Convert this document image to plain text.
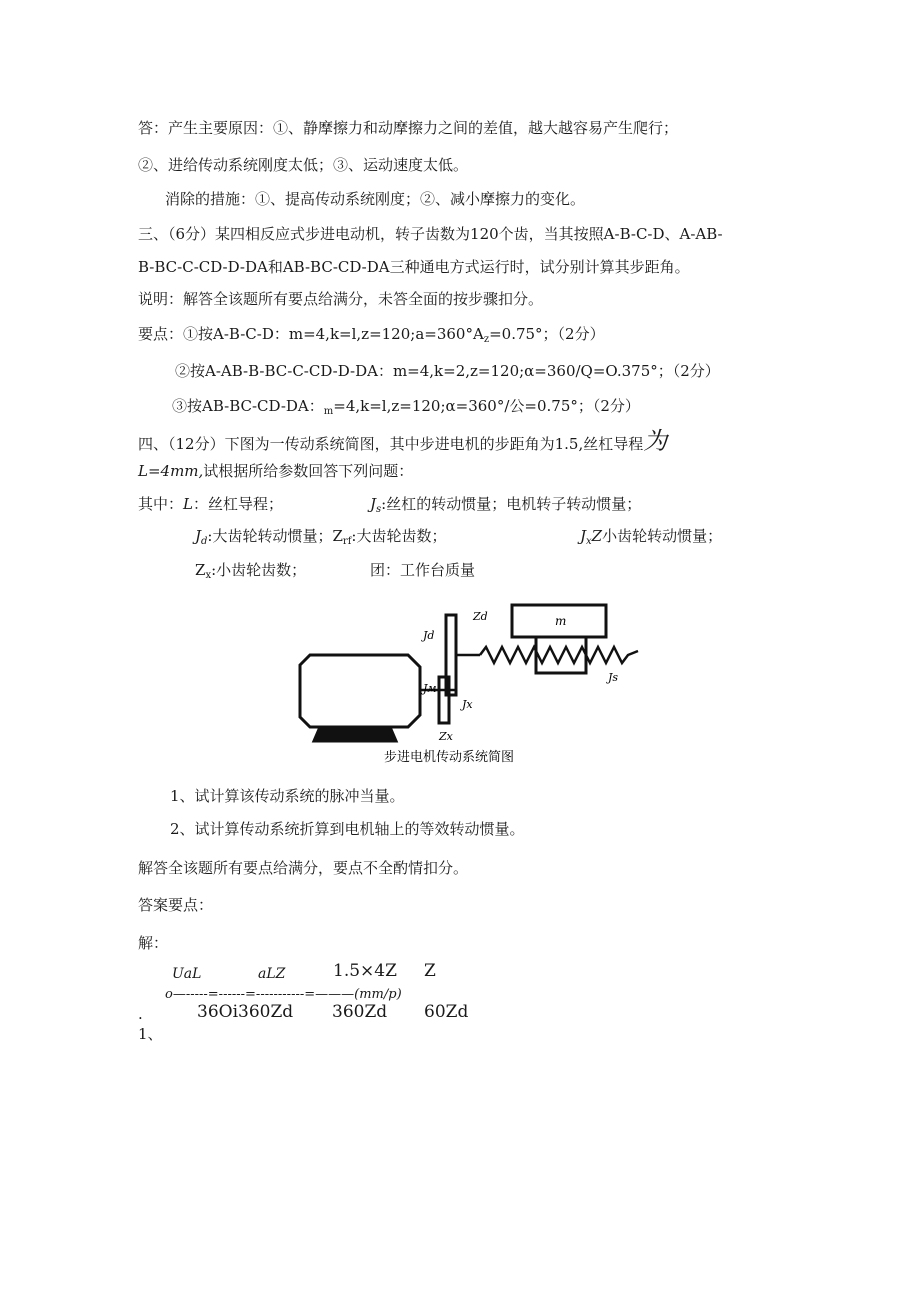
答：产生主要原因：①、静摩擦力和动摩擦力之间的差值，越大越容易产生爬行；
②、进给传动系统刚度太低；③、运动速度太低。
消除的措施：①、提高传动系统刚度；②、减小摩擦力的变化。
三、（6分）某四相反应式步进电动机，转子齿数为120个齿，当其按照A-B-C-D、A-AB-
B-BC-C-CD-D-DA和AB-BC-CD-DA三种通电方式运行时，试分别计算其步距角。
说明：解答全该题所有要点给满分，未答全面的按步骤扣分。
要点：①按A-B-C-D：$m=4,k=l,z=120;a=360^\circ A_z=0.75^\circ$；（2分）
②按A-AB-B-BC-C-CD-D-DA：m=4,k=2,z=120;α=360/Q=O.375°；（2分）
③按AB-BC-CD-DA：$_m$=4,k=l,z=120;α=360°/公=0.75°；（2分）
四、（12分）下图为一传动系统简图，其中步进电机的步距角为1.5,丝杠导程为
L=4mm,试根据所给参数回答下列问题：
其中：L：丝杠导程；	$J_s$:丝杠的转动惯量；电机转子转动惯量；
$J_d$:大齿轮转动惯量；$Z_{rf}$:大齿轮齿数；	$J_xZ$小齿轮转动惯量；
$Z_x$:小齿轮齿数；	团：工作台质量
Zd
Jd
Jм
Jx
Zx
m
Js
步进电机传动系统简图
1、试计算该传动系统的脉冲当量。
2、试计算传动系统折算到电机轴上的等效转动惯量。
解答全该题所有要点给满分，要点不全酌情扣分。
答案要点：
解：
UaL	aLZ	1.5×4Z Z
o—-----=------=-----------=———(mm/p)
36Oi360Zd 360Zd 60Zd
.
1、
